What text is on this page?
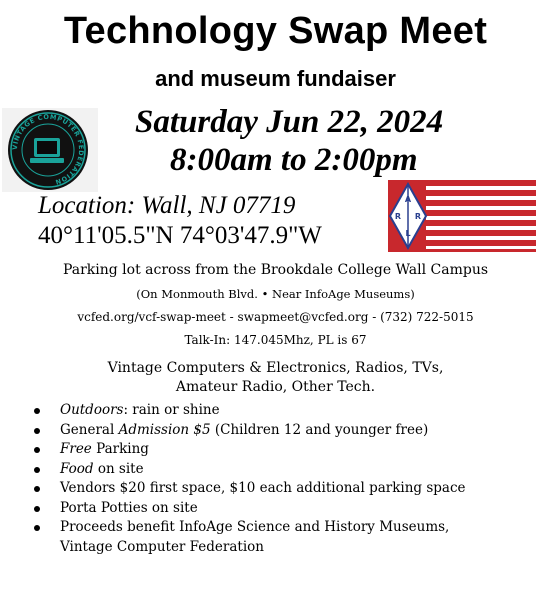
Technology Swap Meet
and museum fundaiser
VINTAGE COMPUTER FEDERATION
Saturday Jun 22, 2024
8:00am to 2:00pm
Location: Wall, NJ 07719
40°11'05.5"N 74°03'47.9"W
A
R R
L
Parking lot across from the Brookdale College Wall Campus
(On Monmouth Blvd. • Near InfoAge Museums)
vcfed.org/vcf-swap-meet - swapmeet@vcfed.org - (732) 722-5015
Talk-In: 147.045Mhz, PL is 67
Vintage Computers & Electronics, Radios, TVs,
Amateur Radio, Other Tech.
Outdoors: rain or shine
General Admission $5 (Children 12 and younger free)
Free Parking
Food on site
Vendors $20 first space, $10 each additional parking space
Porta Potties on site
Proceeds benefit InfoAge Science and History Museums,
Vintage Computer Federation
